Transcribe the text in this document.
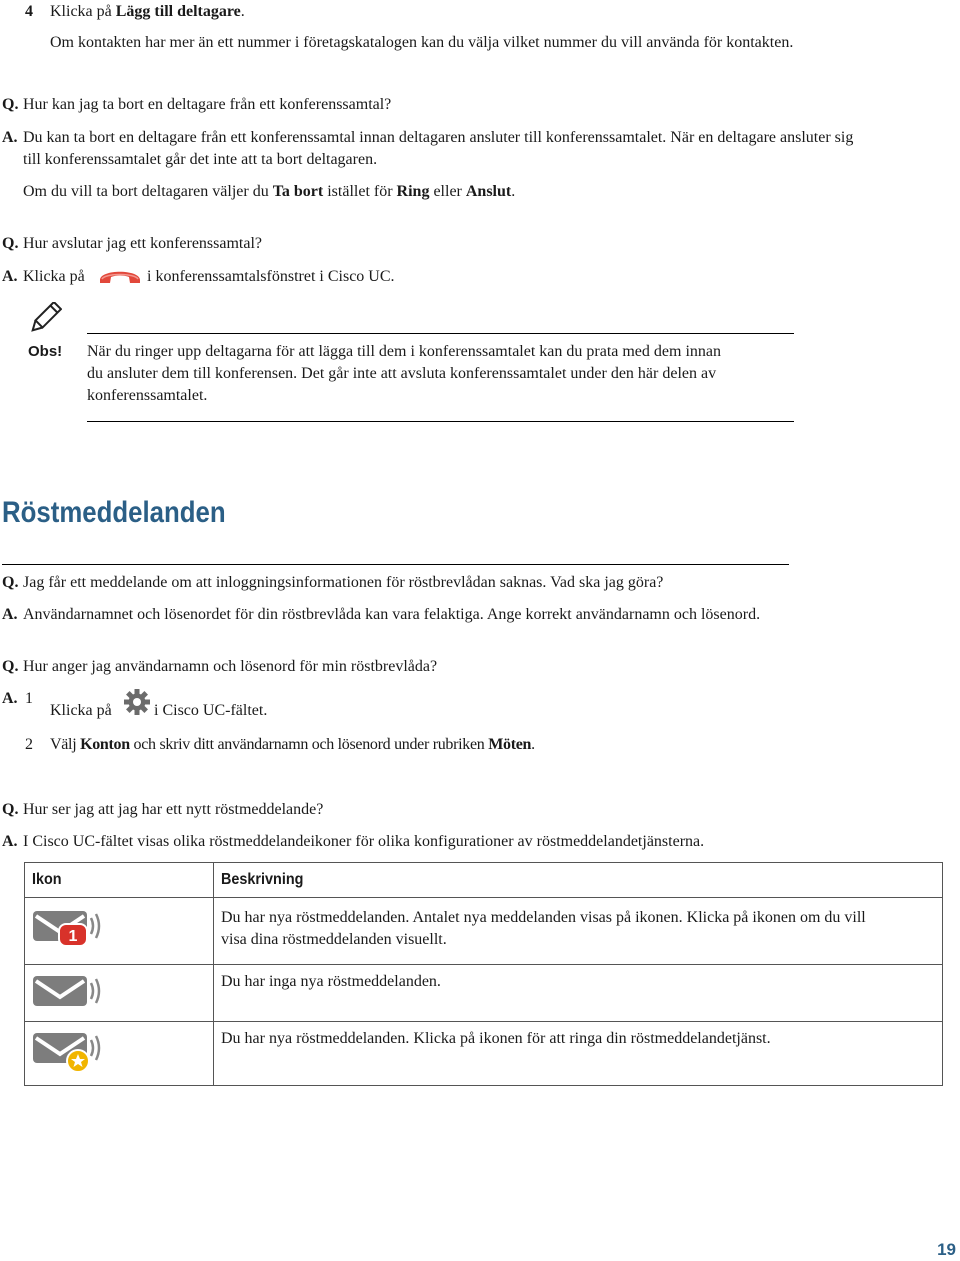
4 Klicka på Lägg till deltagare.
Om kontakten har mer än ett nummer i företagskatalogen kan du välja vilket nummer du vill använda för kontakten.
Q. Hur kan jag ta bort en deltagare från ett konferenssamtal?
A. Du kan ta bort en deltagare från ett konferenssamtal innan deltagaren ansluter till konferenssamtalet. När en deltagare ansluter sig
till konferenssamtalet går det inte att ta bort deltagaren.
Om du vill ta bort deltagaren väljer du Ta bort istället för Ring eller Anslut.
Q. Hur avslutar jag ett konferenssamtal?
A. Klicka på	i konferenssamtalsfönstret i Cisco UC.
Obs! När du ringer upp deltagarna för att lägga till dem i konferenssamtalet kan du prata med dem innan
du ansluter dem till konferensen. Det går inte att avsluta konferenssamtalet under den här delen av
konferenssamtalet.
Röstmeddelanden
Q. Jag får ett meddelande om att inloggningsinformationen för röstbrevlådan saknas. Vad ska jag göra?
A. Användarnamnet och lösenordet för din röstbrevlåda kan vara felaktiga. Ange korrekt användarnamn och lösenord.
Q. Hur anger jag användarnamn och lösenord för min röstbrevlåda?
A. 1
Klicka på	i Cisco UC-fältet.
2 Välj Konton och skriv ditt användarnamn och lösenord under rubriken Möten.
Q. Hur ser jag att jag har ett nytt röstmeddelande?
A. I Cisco UC-fältet visas olika röstmeddelandeikoner för olika konfigurationer av röstmeddelandetjänsterna.
Ikon	Beskrivning

1	Du har nya röstmeddelanden. Antalet nya meddelanden visas på ikonen. Klicka på ikonen om du vill
visa dina röstmeddelanden visuellt.

Du har inga nya röstmeddelanden.

Du har nya röstmeddelanden. Klicka på ikonen för att ringa din röstmeddelandetjänst.
19
